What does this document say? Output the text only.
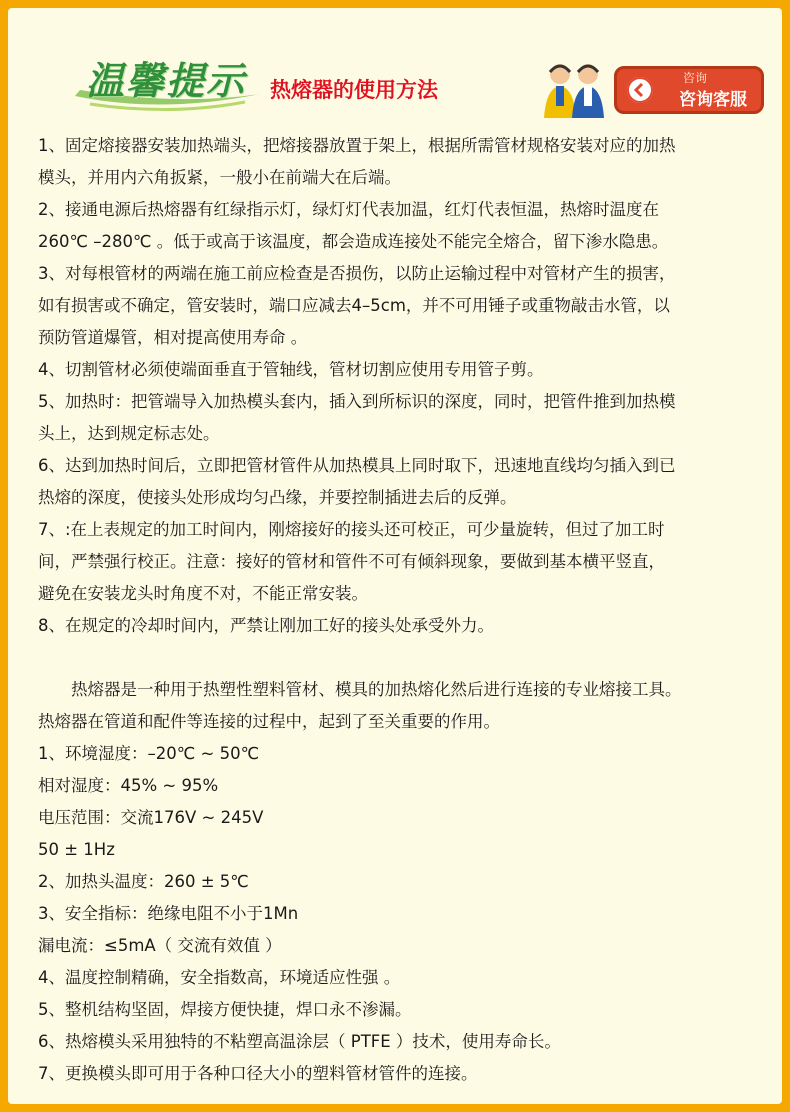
温馨提示 热熔器的使用方法	咨询
咨询客服
1、固定熔接器安装加热端头，把熔接器放置于架上，根据所需管材规格安装对应的加热
模头，并用内六角扳紧，一般小在前端大在后端。
2、接通电源后热熔器有红绿指示灯，绿灯灯代表加温，红灯代表恒温，热熔时温度在
260℃ –280℃ 。低于或高于该温度，都会造成连接处不能完全熔合，留下渗水隐患。
3、对每根管材的两端在施工前应检查是否损伤，以防止运输过程中对管材产生的损害，
如有损害或不确定，管安装时，端口应减去4–5cm，并不可用锤子或重物敲击水管，以
预防管道爆管，相对提高使用寿命 。
4、切割管材必须使端面垂直于管轴线，管材切割应使用专用管子剪。
5、加热时：把管端导入加热模头套内，插入到所标识的深度，同时，把管件推到加热模
头上，达到规定标志处。
6、达到加热时间后，立即把管材管件从加热模具上同时取下，迅速地直线均匀插入到已
热熔的深度，使接头处形成均匀凸缘，并要控制插进去后的反弹。
7、:在上表规定的加工时间内，刚熔接好的接头还可校正，可少量旋转，但过了加工时
间，严禁强行校正。注意：接好的管材和管件不可有倾斜现象，要做到基本横平竖直，
避免在安装龙头时角度不对，不能正常安装。
8、在规定的冷却时间内，严禁让刚加工好的接头处承受外力。
　　热熔器是一种用于热塑性塑料管材、模具的加热熔化然后进行连接的专业熔接工具。
热熔器在管道和配件等连接的过程中，起到了至关重要的作用。
1、环境湿度：–20℃ ~ 50℃
相对湿度：45% ~ 95%
电压范围：交流176V ~ 245V
50 ± 1Hz
2、加热头温度：260 ± 5℃
3、安全指标：绝缘电阻不小于1Mn
漏电流：≤5mA（ 交流有效值 ）
4、温度控制精确，安全指数高，环境适应性强 。
5、整机结构坚固，焊接方便快捷，焊口永不渗漏。
6、热熔模头采用独特的不粘塑高温涂层（ PTFE ）技术，使用寿命长。
7、更换模头即可用于各种口径大小的塑料管材管件的连接。
